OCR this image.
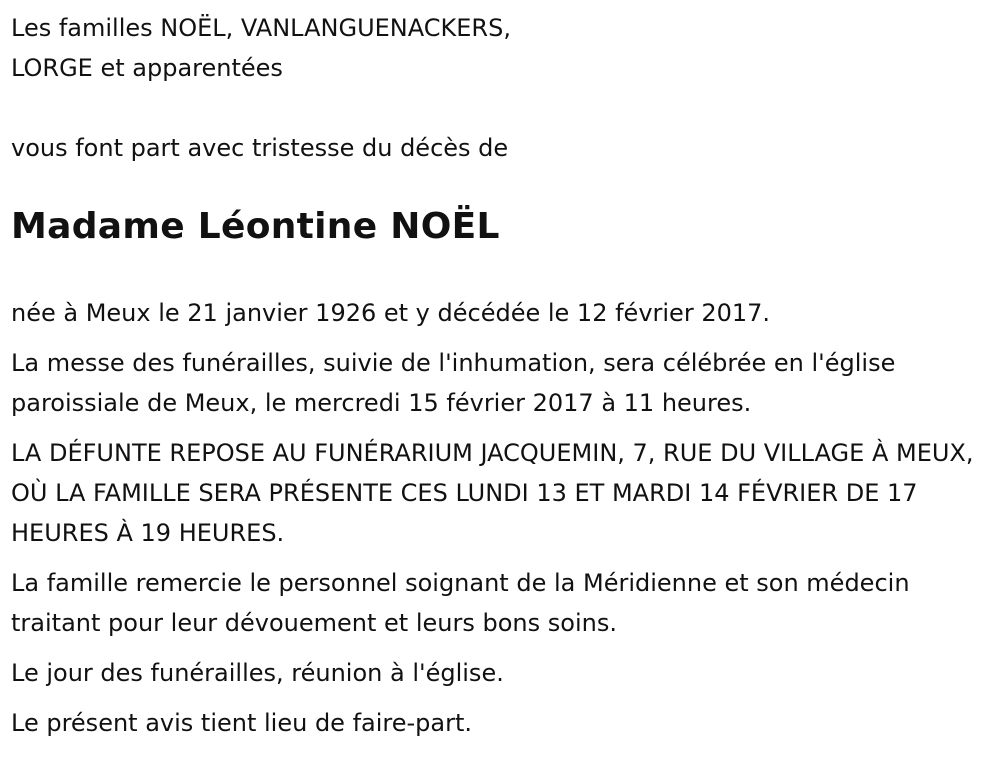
Les familles NOËL, VANLANGUENACKERS,
LORGE et apparentées

vous font part avec tristesse du décès de

Madame Léontine NOËL

née à Meux le 21 janvier 1926 et y décédée le 12 février 2017.

La messe des funérailles, suivie de l'inhumation, sera célébrée en l'église paroissiale de Meux, le mercredi 15 février 2017 à 11 heures.

LA DÉFUNTE REPOSE AU FUNÉRARIUM JACQUEMIN, 7, RUE DU VILLAGE À MEUX, OÙ LA FAMILLE SERA PRÉSENTE CES LUNDI 13 ET MARDI 14 FÉVRIER DE 17 HEURES À 19 HEURES.

La famille remercie le personnel soignant de la Méridienne et son médecin traitant pour leur dévouement et leurs bons soins.

Le jour des funérailles, réunion à l'église.

Le présent avis tient lieu de faire-part.
